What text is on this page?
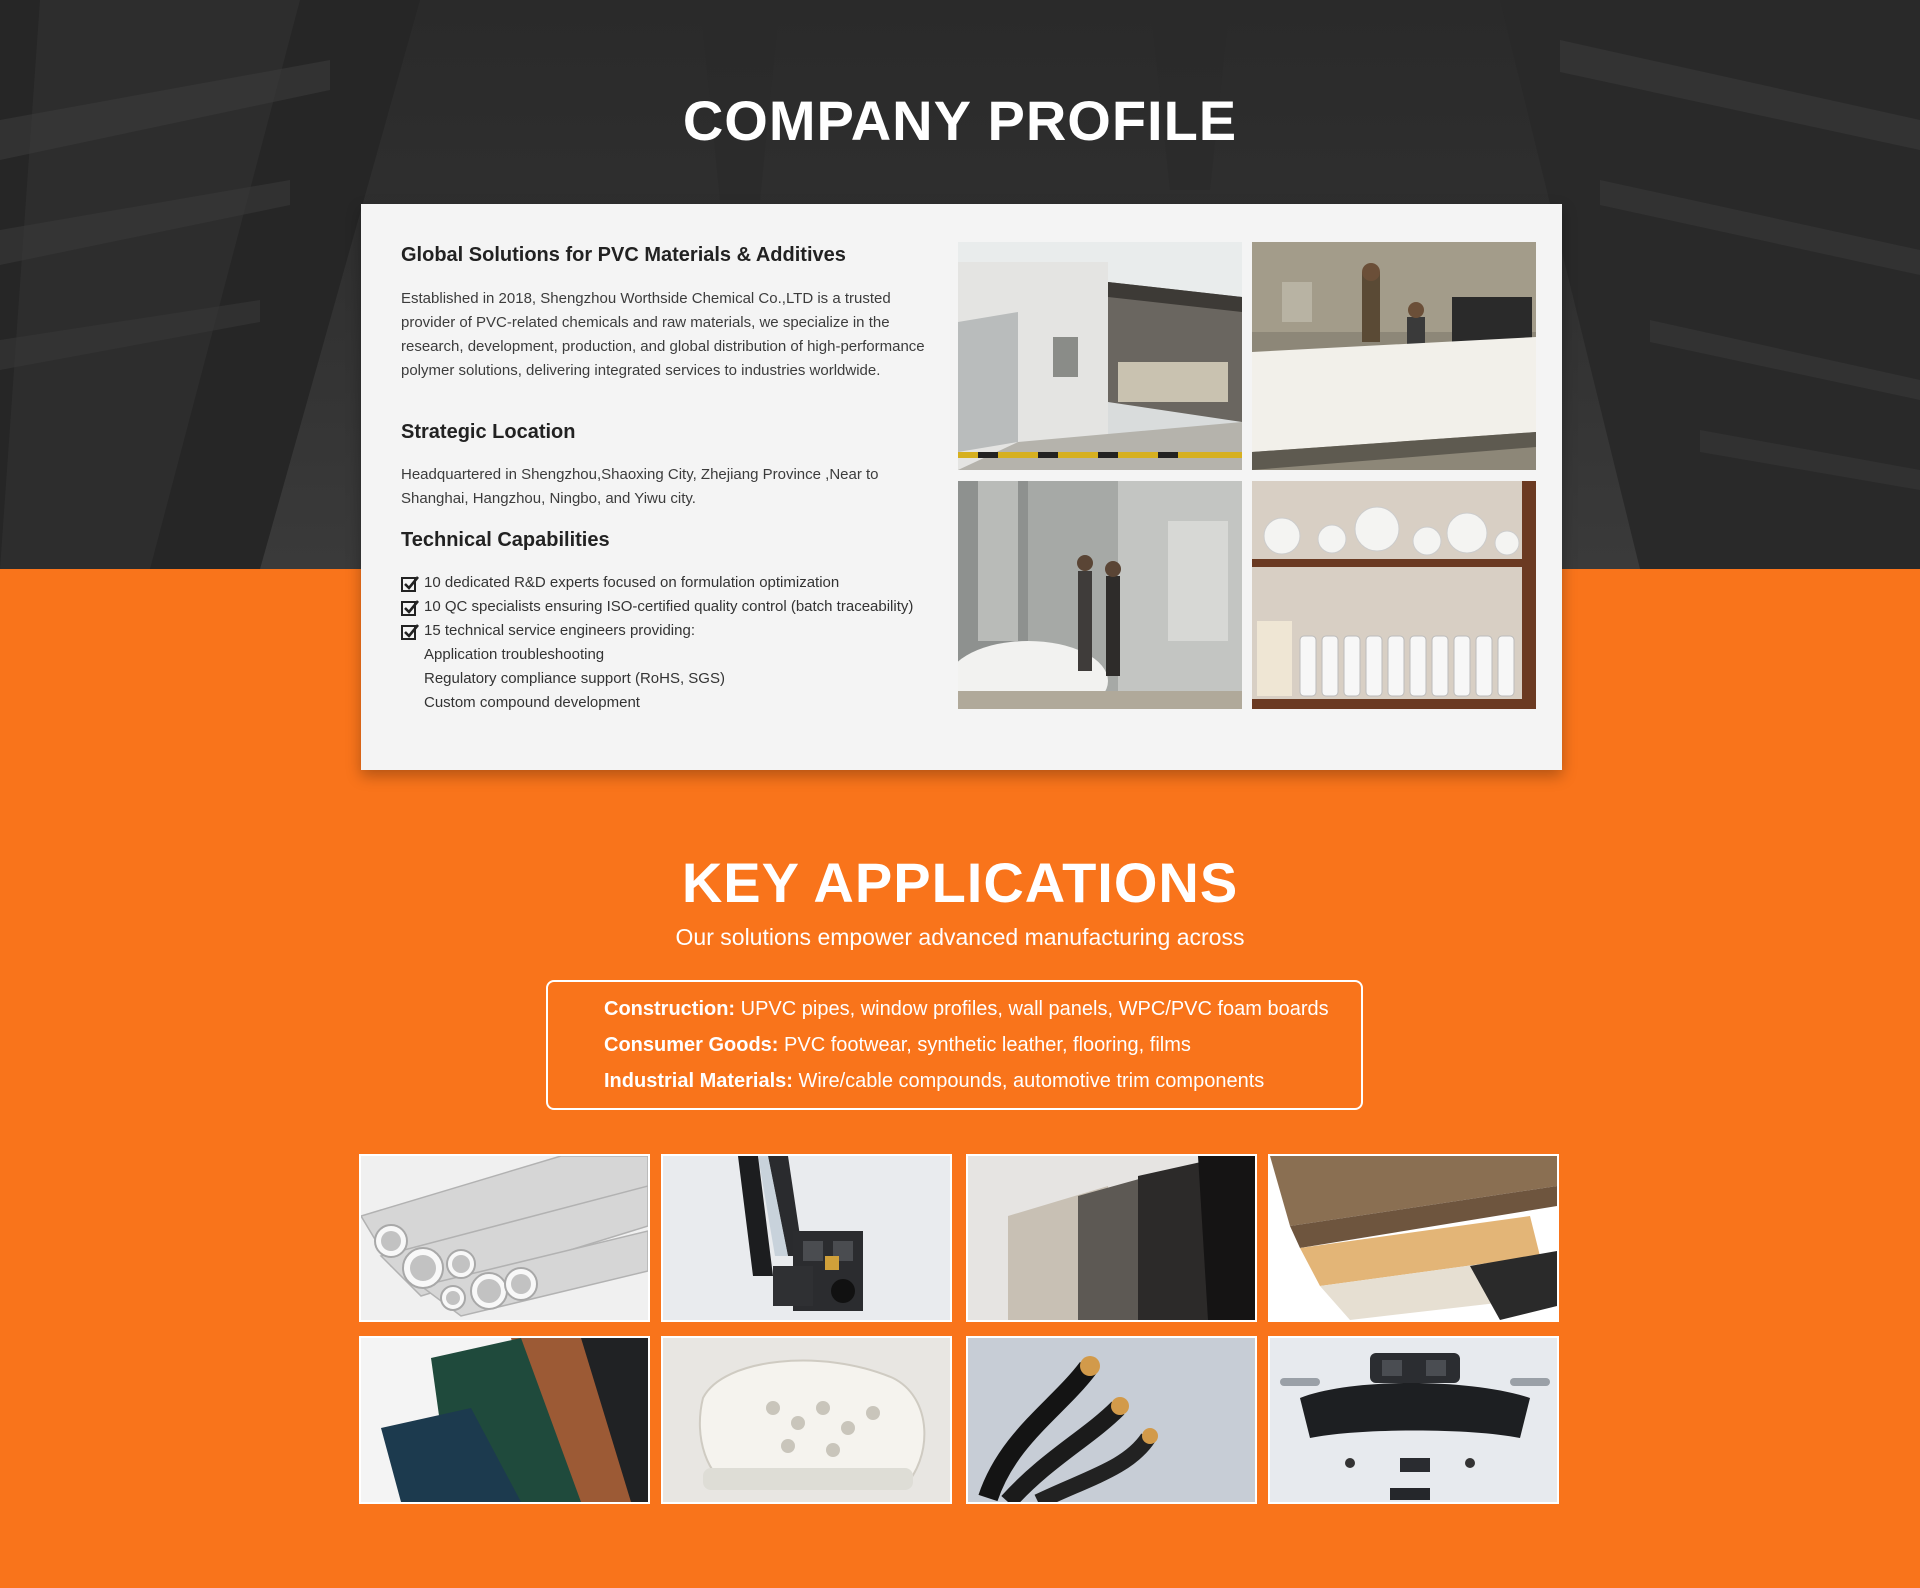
COMPANY PROFILE
Global Solutions for PVC Materials & Additives

Established in 2018, Shengzhou Worthside Chemical Co.,LTD is a trusted provider of PVC-related chemicals and raw materials, we specialize in the research, development, production, and global distribution of high-performance polymer solutions, delivering integrated services to industries worldwide.

Strategic Location

Headquartered in Shengzhou,Shaoxing City, Zhejiang Province ,Near to Shanghai, Hangzhou, Ningbo, and Yiwu city.

Technical Capabilities
10 dedicated R&D experts focused on formulation optimization
10 QC specialists ensuring ISO-certified quality control (batch traceability)
15 technical service engineers providing:
Application troubleshooting
Regulatory compliance support (RoHS, SGS)
Custom compound development
KEY APPLICATIONS
Our solutions empower advanced manufacturing across
Construction: UPVC pipes, window profiles, wall panels, WPC/PVC foam boards
Consumer Goods: PVC footwear, synthetic leather, flooring, films
Industrial Materials: Wire/cable compounds, automotive trim components
